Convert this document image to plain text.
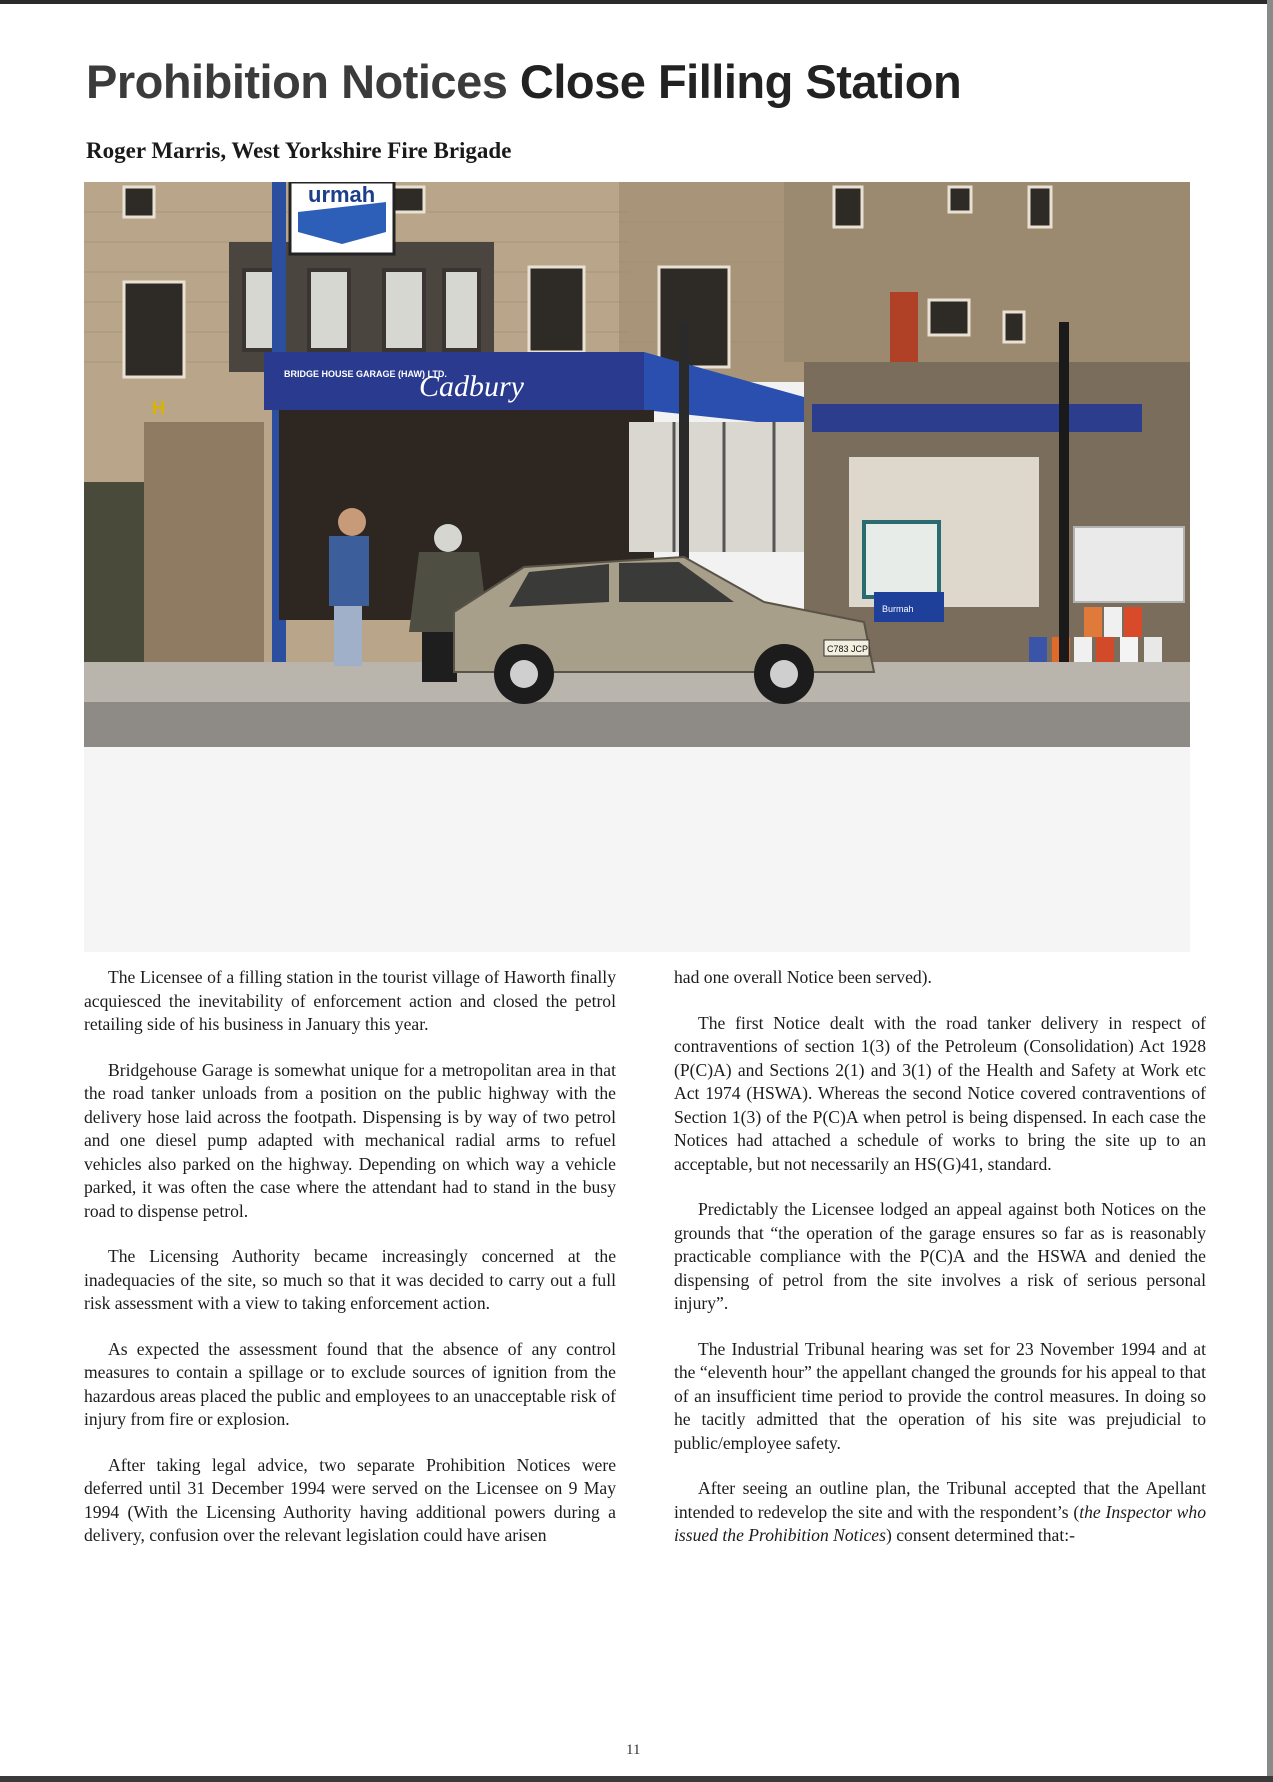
Prohibition Notices Close Filling Station
Roger Marris, West Yorkshire Fire Brigade
urmah
BRIDGE HOUSE GARAGE (HAW) LTD.
Cadbury
Burmah
H
C783 JCP

The Licensee of a filling station in the tourist village of Haworth finally acquiesced the inevitability of enforcement action and closed the petrol retailing side of his business in January this year.

Bridgehouse Garage is somewhat unique for a metropolitan area in that the road tanker unloads from a position on the public highway with the delivery hose laid across the footpath. Dispensing is by way of two petrol and one diesel pump adapted with mechanical radial arms to refuel vehicles also parked on the highway. Depending on which way a vehicle parked, it was often the case where the attendant had to stand in the busy road to dispense petrol.

The Licensing Authority became increasingly concerned at the inadequacies of the site, so much so that it was decided to carry out a full risk assessment with a view to taking enforcement action.

As expected the assessment found that the absence of any control measures to contain a spillage or to exclude sources of ignition from the hazardous areas placed the public and employees to an unacceptable risk of injury from fire or explosion.

After taking legal advice, two separate Prohibition Notices were deferred until 31 December 1994 were served on the Licensee on 9 May 1994 (With the Licensing Authority having additional powers during a delivery, confusion over the relevant legislation could have arisen

had one overall Notice been served).

The first Notice dealt with the road tanker delivery in respect of contraventions of section 1(3) of the Petroleum (Consolidation) Act 1928 (P(C)A) and Sections 2(1) and 3(1) of the Health and Safety at Work etc Act 1974 (HSWA). Whereas the second Notice covered contraventions of Section 1(3) of the P(C)A when petrol is being dispensed. In each case the Notices had attached a schedule of works to bring the site up to an acceptable, but not necessarily an HS(G)41, standard.

Predictably the Licensee lodged an appeal against both Notices on the grounds that “the operation of the garage ensures so far as is reasonably practicable compliance with the P(C)A and the HSWA and denied the dispensing of petrol from the site involves a risk of serious personal injury”.

The Industrial Tribunal hearing was set for 23 November 1994 and at the “eleventh hour” the appellant changed the grounds for his appeal to that of an insufficient time period to provide the control measures. In doing so he tacitly admitted that the operation of his site was prejudicial to public/employee safety.

After seeing an outline plan, the Tribunal accepted that the Apellant intended to redevelop the site and with the respondent’s (the Inspector who issued the Prohibition Notices) consent determined that:-

11
